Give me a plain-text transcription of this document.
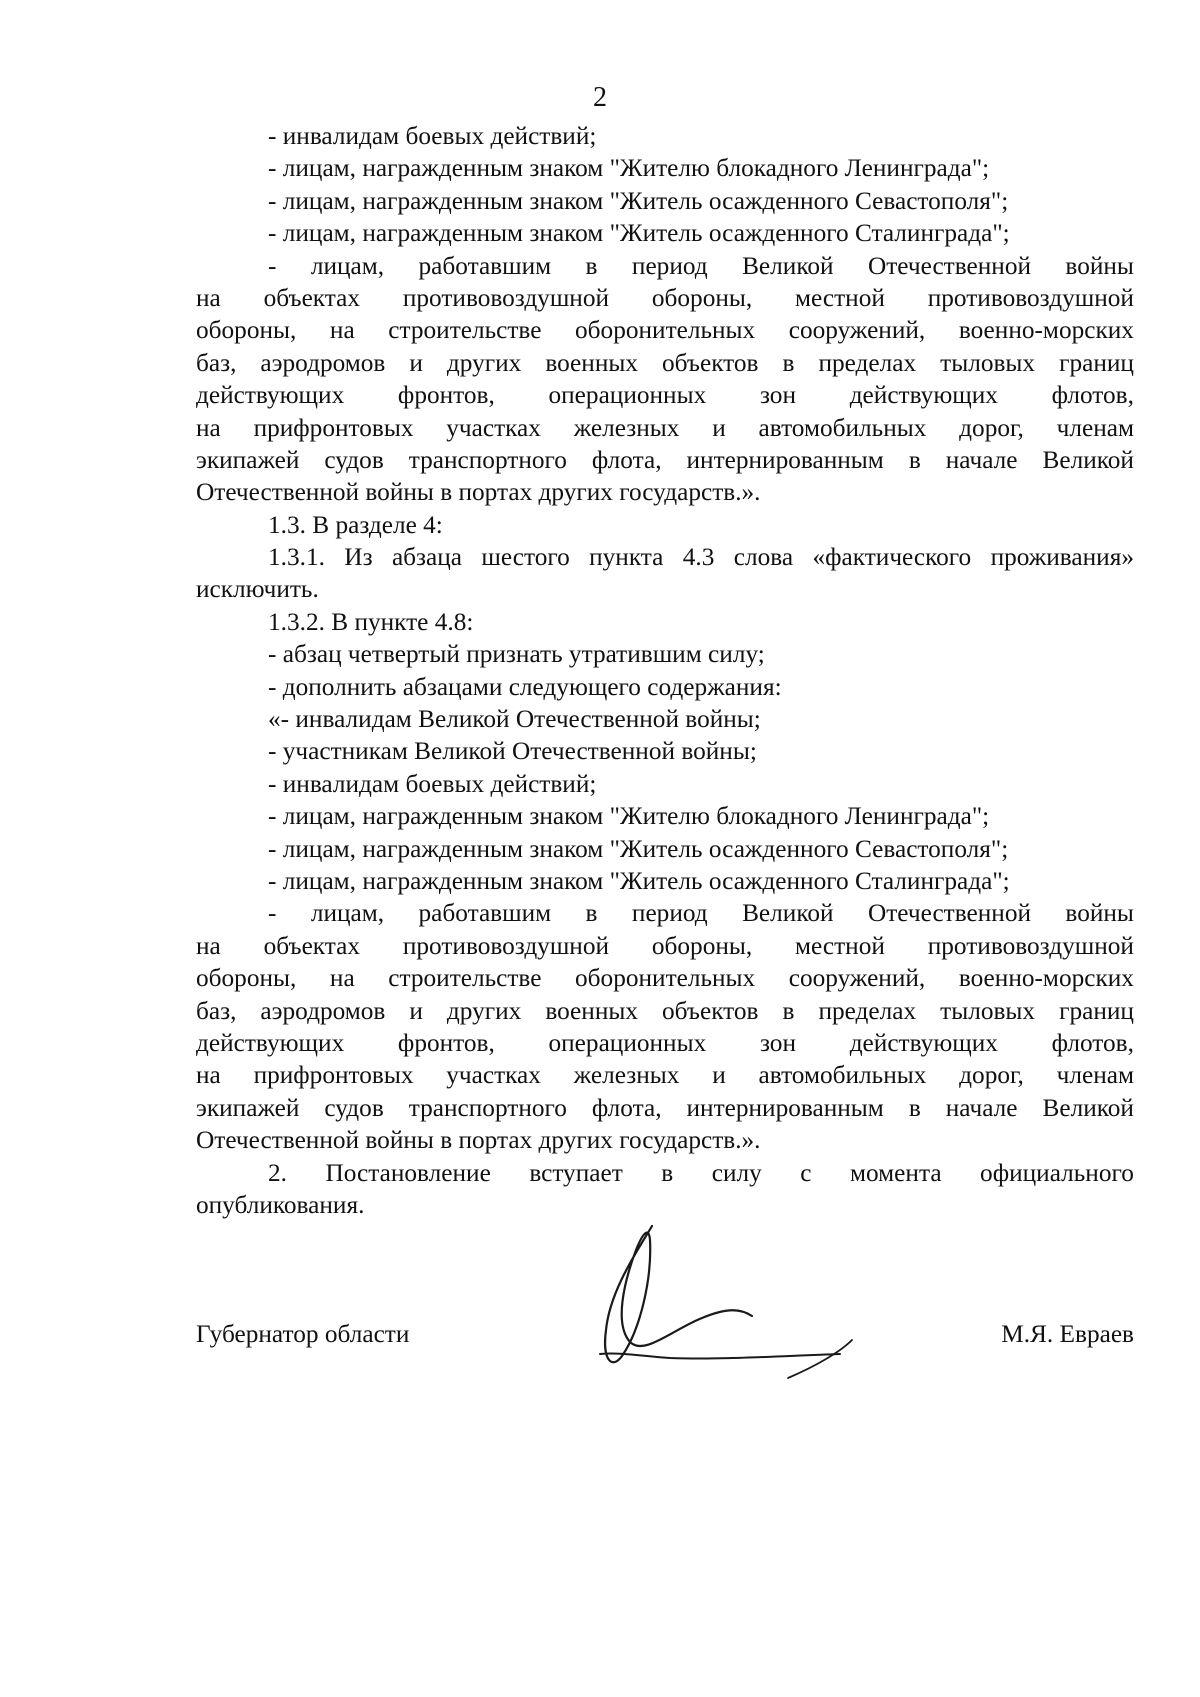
2
- инвалидам боевых действий;
- лицам, награжденным знаком "Жителю блокадного Ленинграда";
- лицам, награжденным знаком "Житель осажденного Севастополя";
- лицам, награжденным знаком "Житель осажденного Сталинграда";
- лицам, работавшим в период Великой Отечественной войны
на объектах противовоздушной обороны, местной противовоздушной
обороны, на строительстве оборонительных сооружений, военно-морских
баз, аэродромов и других военных объектов в пределах тыловых границ
действующих фронтов, операционных зон действующих флотов,
на прифронтовых участках железных и автомобильных дорог, членам
экипажей судов транспортного флота, интернированным в начале Великой
Отечественной войны в портах других государств.».
1.3. В разделе 4:
1.3.1. Из абзаца шестого пункта 4.3 слова «фактического проживания»
исключить.
1.3.2. В пункте 4.8:
- абзац четвертый признать утратившим силу;
- дополнить абзацами следующего содержания:
«- инвалидам Великой Отечественной войны;
- участникам Великой Отечественной войны;
- инвалидам боевых действий;
- лицам, награжденным знаком "Жителю блокадного Ленинграда";
- лицам, награжденным знаком "Житель осажденного Севастополя";
- лицам, награжденным знаком "Житель осажденного Сталинграда";
- лицам, работавшим в период Великой Отечественной войны
на объектах противовоздушной обороны, местной противовоздушной
обороны, на строительстве оборонительных сооружений, военно-морских
баз, аэродромов и других военных объектов в пределах тыловых границ
действующих фронтов, операционных зон действующих флотов,
на прифронтовых участках железных и автомобильных дорог, членам
экипажей судов транспортного флота, интернированным в начале Великой
Отечественной войны в портах других государств.».
2. Постановление вступает в силу с момента официального
опубликования.
Губернатор области	М.Я. Евраев
